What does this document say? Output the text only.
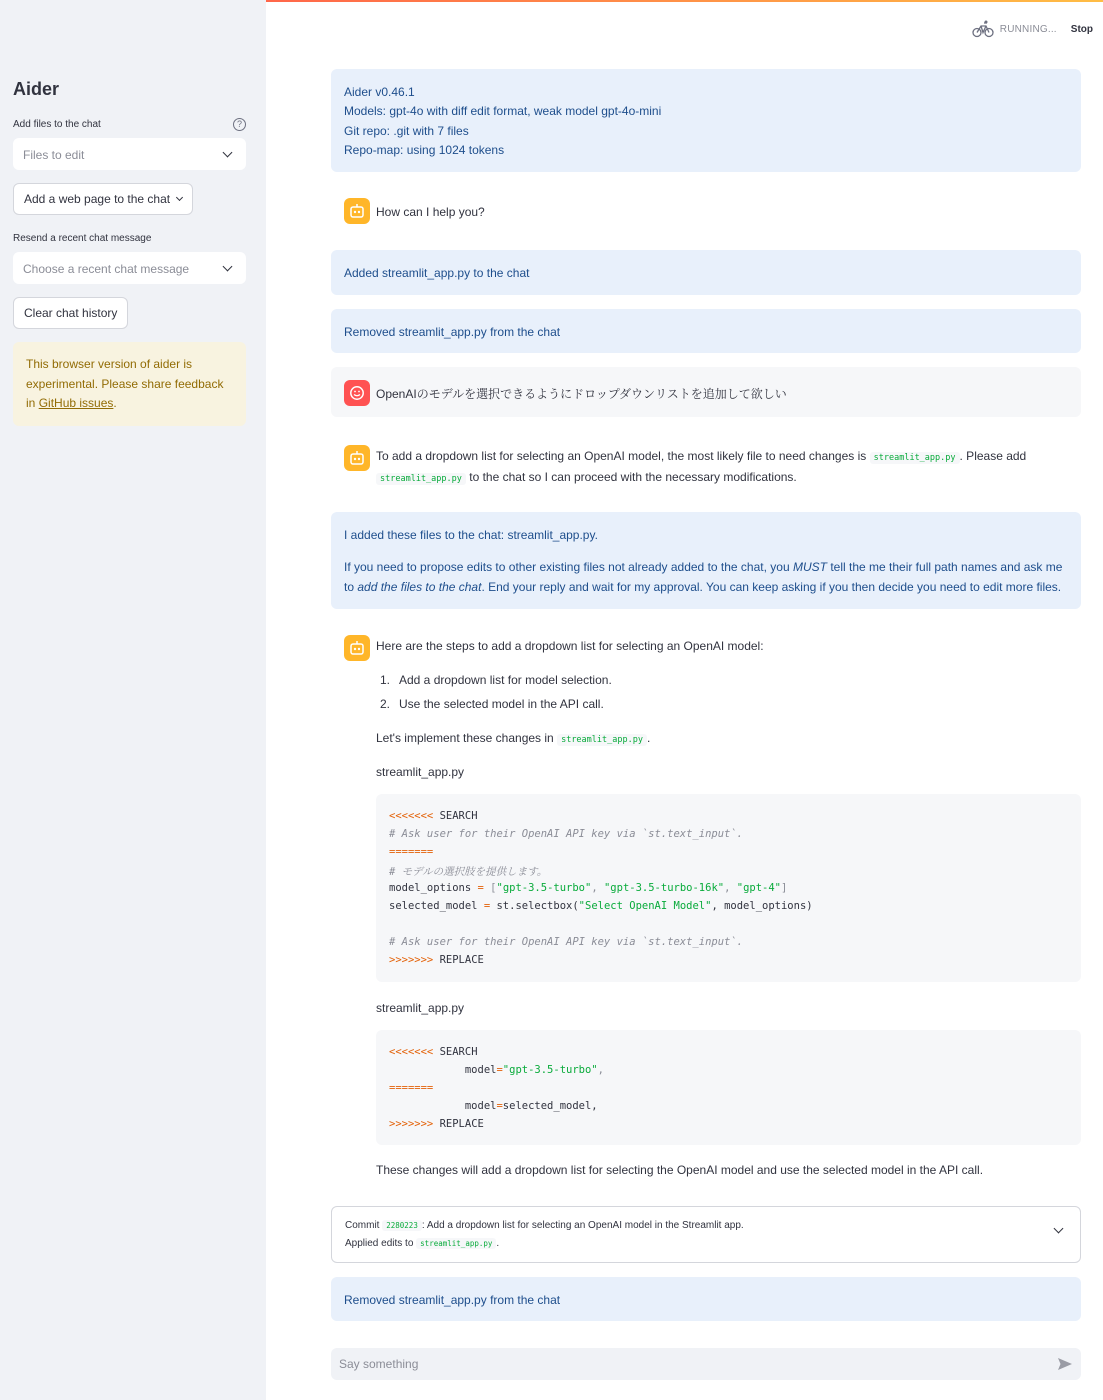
Aider
Add files to the chat	?
Files to edit
Add a web page to the chat
Resend a recent chat message
Choose a recent chat message
Clear chat history
This browser version of aider is
experimental. Please share feedback
in GitHub issues.
RUNNING... Stop
Aider v0.46.1
Models: gpt-4o with diff edit format, weak model gpt-4o-mini
Git repo: .git with 7 files
Repo-map: using 1024 tokens
How can I help you?
Added streamlit_app.py to the chat
Removed streamlit_app.py from the chat
OpenAIのモデルを選択できるようにドロップダウンリストを追加して欲しい
To add a dropdown list for selecting an OpenAI model, the most likely file to need changes is streamlit_app.py . Please add
streamlit_app.py to the chat so I can proceed with the necessary modifications.
I added these files to the chat: streamlit_app.py.
If you need to propose edits to other existing files not already added to the chat, you MUST tell the me their full path names and ask me
to add the files to the chat. End your reply and wait for my approval. You can keep asking if you then decide you need to edit more files.
Here are the steps to add a dropdown list for selecting an OpenAI model:
1. Add a dropdown list for model selection.
2. Use the selected model in the API call.
Let's implement these changes in streamlit_app.py .
streamlit_app.py
<<<<<<< SEARCH
# Ask user for their OpenAI API key via `st.text_input`.
=======
# モデルの選択肢を提供します。
model_options = ["gpt-3.5-turbo", "gpt-3.5-turbo-16k", "gpt-4"]
selected_model = st.selectbox("Select OpenAI Model", model_options)
# Ask user for their OpenAI API key via `st.text_input`.
>>>>>>> REPLACE
streamlit_app.py
<<<<<<< SEARCH
model="gpt-3.5-turbo",
=======
model=selected_model,
>>>>>>> REPLACE
These changes will add a dropdown list for selecting the OpenAI model and use the selected model in the API call.
Commit 2280223 : Add a dropdown list for selecting an OpenAI model in the Streamlit app.
Applied edits to streamlit_app.py .
Removed streamlit_app.py from the chat
Say something
